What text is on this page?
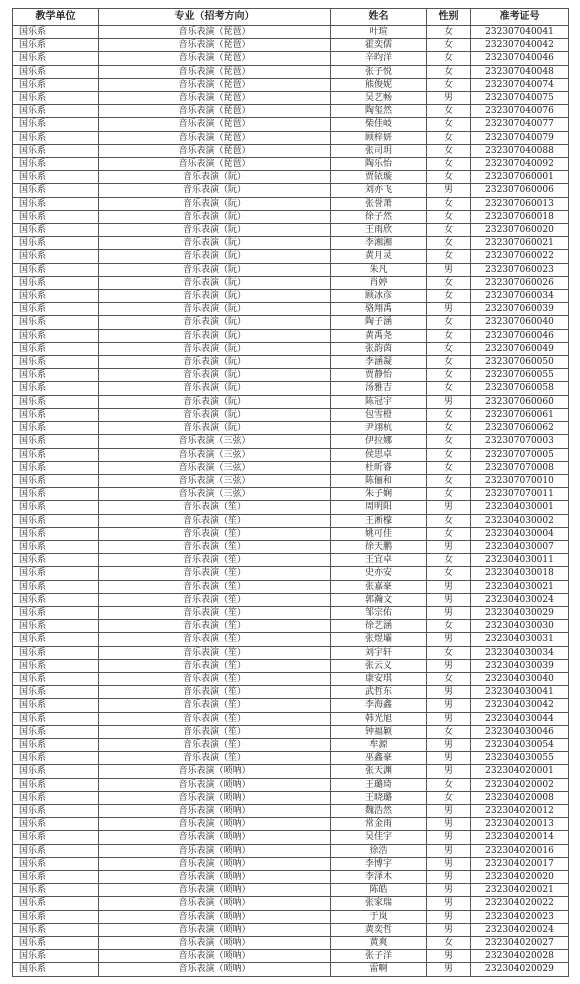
教学单位	专业（招考方向）	姓名	性别	准考证号
国乐系	音乐表演（琵琶）	叶瑄	女	232307040041
国乐系	音乐表演（琵琶）	霍奕儒	女	232307040042
国乐系	音乐表演（琵琶）	辛昀洋	女	232307040046
国乐系	音乐表演（琵琶）	张子悦	女	232307040048
国乐系	音乐表演（琵琶）	熊俊妮	女	232307040074
国乐系	音乐表演（琵琶）	吴艺畅	男	232307040075
国乐系	音乐表演（琵琶）	陶玺然	女	232307040076
国乐系	音乐表演（琵琶）	柴佳岐	女	232307040077
国乐系	音乐表演（琵琶）	顾梓妍	女	232307040079
国乐系	音乐表演（琵琶）	张司玥	女	232307040088
国乐系	音乐表演（琵琶）	陶乐怡	女	232307040092
国乐系	音乐表演（阮）	贾铱璇	女	232307060001
国乐系	音乐表演（阮）	刘亦飞	男	232307060006
国乐系	音乐表演（阮）	张誉萧	女	232307060013
国乐系	音乐表演（阮）	徐子然	女	232307060018
国乐系	音乐表演（阮）	王雨欣	女	232307060020
国乐系	音乐表演（阮）	李湘湘	女	232307060021
国乐系	音乐表演（阮）	黄月灵	女	232307060022
国乐系	音乐表演（阮）	朱凡	男	232307060023
国乐系	音乐表演（阮）	肖婷	女	232307060026
国乐系	音乐表演（阮）	顾冰彦	女	232307060034
国乐系	音乐表演（阮）	骆翔禹	男	232307060039
国乐系	音乐表演（阮）	陶子涵	女	232307060040
国乐系	音乐表演（阮）	黄禹尧	女	232307060046
国乐系	音乐表演（阮）	张韵茵	女	232307060049
国乐系	音乐表演（阮）	李涵凝	女	232307060050
国乐系	音乐表演（阮）	贾静怡	女	232307060055
国乐系	音乐表演（阮）	汤雅吉	女	232307060058
国乐系	音乐表演（阮）	陈冠宇	男	232307060060
国乐系	音乐表演（阮）	包雪橙	女	232307060061
国乐系	音乐表演（阮）	尹翊杭	女	232307060062
国乐系	音乐表演（三弦）	伊拉娜	女	232307070003
国乐系	音乐表演（三弦）	侯思卓	女	232307070005
国乐系	音乐表演（三弦）	杜昕睿	女	232307070008
国乐系	音乐表演（三弦）	陈俪和	女	232307070010
国乐系	音乐表演（三弦）	朱子娴	女	232307070011
国乐系	音乐表演（笙）	周明阳	男	232304030001
国乐系	音乐表演（笙）	王淅檬	女	232304030002
国乐系	音乐表演（笙）	姚可佳	女	232304030004
国乐系	音乐表演（笙）	徐天鹏	男	232304030007
国乐系	音乐表演（笙）	王宜卓	女	232304030011
国乐系	音乐表演（笙）	史亦安	女	232304030018
国乐系	音乐表演（笙）	张嘉豪	男	232304030021
国乐系	音乐表演（笙）	郭瀚文	男	232304030024
国乐系	音乐表演（笙）	邹宗佑	男	232304030029
国乐系	音乐表演（笙）	徐艺涵	女	232304030030
国乐系	音乐表演（笙）	张煜壩	男	232304030031
国乐系	音乐表演（笙）	刘宇轩	女	232304030034
国乐系	音乐表演（笙）	张云义	男	232304030039
国乐系	音乐表演（笙）	康安琪	女	232304030040
国乐系	音乐表演（笙）	武哲东	男	232304030041
国乐系	音乐表演（笙）	李海鑫	男	232304030042
国乐系	音乐表演（笙）	韩光旭	男	232304030044
国乐系	音乐表演（笙）	钟福颖	女	232304030046
国乐系	音乐表演（笙）	牟源	男	232304030054
国乐系	音乐表演（笙）	巫鑫豪	男	232304030055
国乐系	音乐表演（唢呐）	张天渊	男	232304020001
国乐系	音乐表演（唢呐）	王璐琦	女	232304020002
国乐系	音乐表演（唢呐）	王晓璐	女	232304020008
国乐系	音乐表演（唢呐）	魏浩然	男	232304020012
国乐系	音乐表演（唢呐）	常金雨	男	232304020013
国乐系	音乐表演（唢呐）	吴佳宇	男	232304020014
国乐系	音乐表演（唢呐）	徐浩	男	232304020016
国乐系	音乐表演（唢呐）	李博宇	男	232304020017
国乐系	音乐表演（唢呐）	李泽木	男	232304020020
国乐系	音乐表演（唢呐）	陈皓	男	232304020021
国乐系	音乐表演（唢呐）	张家瑞	男	232304020022
国乐系	音乐表演（唢呐）	于岚	男	232304020023
国乐系	音乐表演（唢呐）	黄奕哲	男	232304020024
国乐系	音乐表演（唢呐）	黄爽	女	232304020027
国乐系	音乐表演（唢呐）	张子洋	男	232304020028
国乐系	音乐表演（唢呐）	雷啊	男	232304020029
